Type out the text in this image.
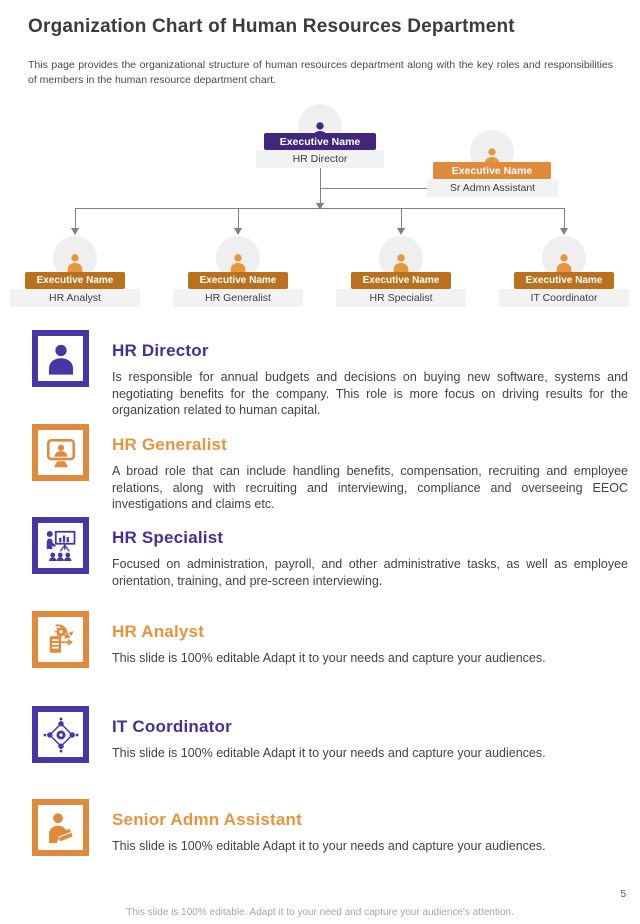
Organization Chart of Human Resources Department
This page provides the organizational structure of human resources department along with the key roles and responsibilities of members in the human resource department chart.
Executive Name
HR Director
Executive Name
Sr Admn Assistant
Executive Name
HR Analyst
Executive Name
HR Generalist
Executive Name
HR Specialist
Executive Name
IT Coordinator
HR Director
Is responsible for annual budgets and decisions on buying new software, systems and negotiating benefits for the company. This role is more focus on driving results for the organization related to human capital.
HR Generalist
A broad role that can include handling benefits, compensation, recruiting and employee relations, along with recruiting and interviewing, compliance and overseeing EEOC investigations and claims etc.
HR Specialist
Focused on administration, payroll, and other administrative tasks, as well as employee orientation, training, and pre-screen interviewing.
HR Analyst
This slide is 100% editable Adapt it to your needs and capture your audiences.
IT Coordinator
This slide is 100% editable Adapt it to your needs and capture your audiences.
Senior Admn Assistant
This slide is 100% editable Adapt it to your needs and capture your audiences.
This slide is 100% editable. Adapt it to your need and capture your audience's attention.
5
